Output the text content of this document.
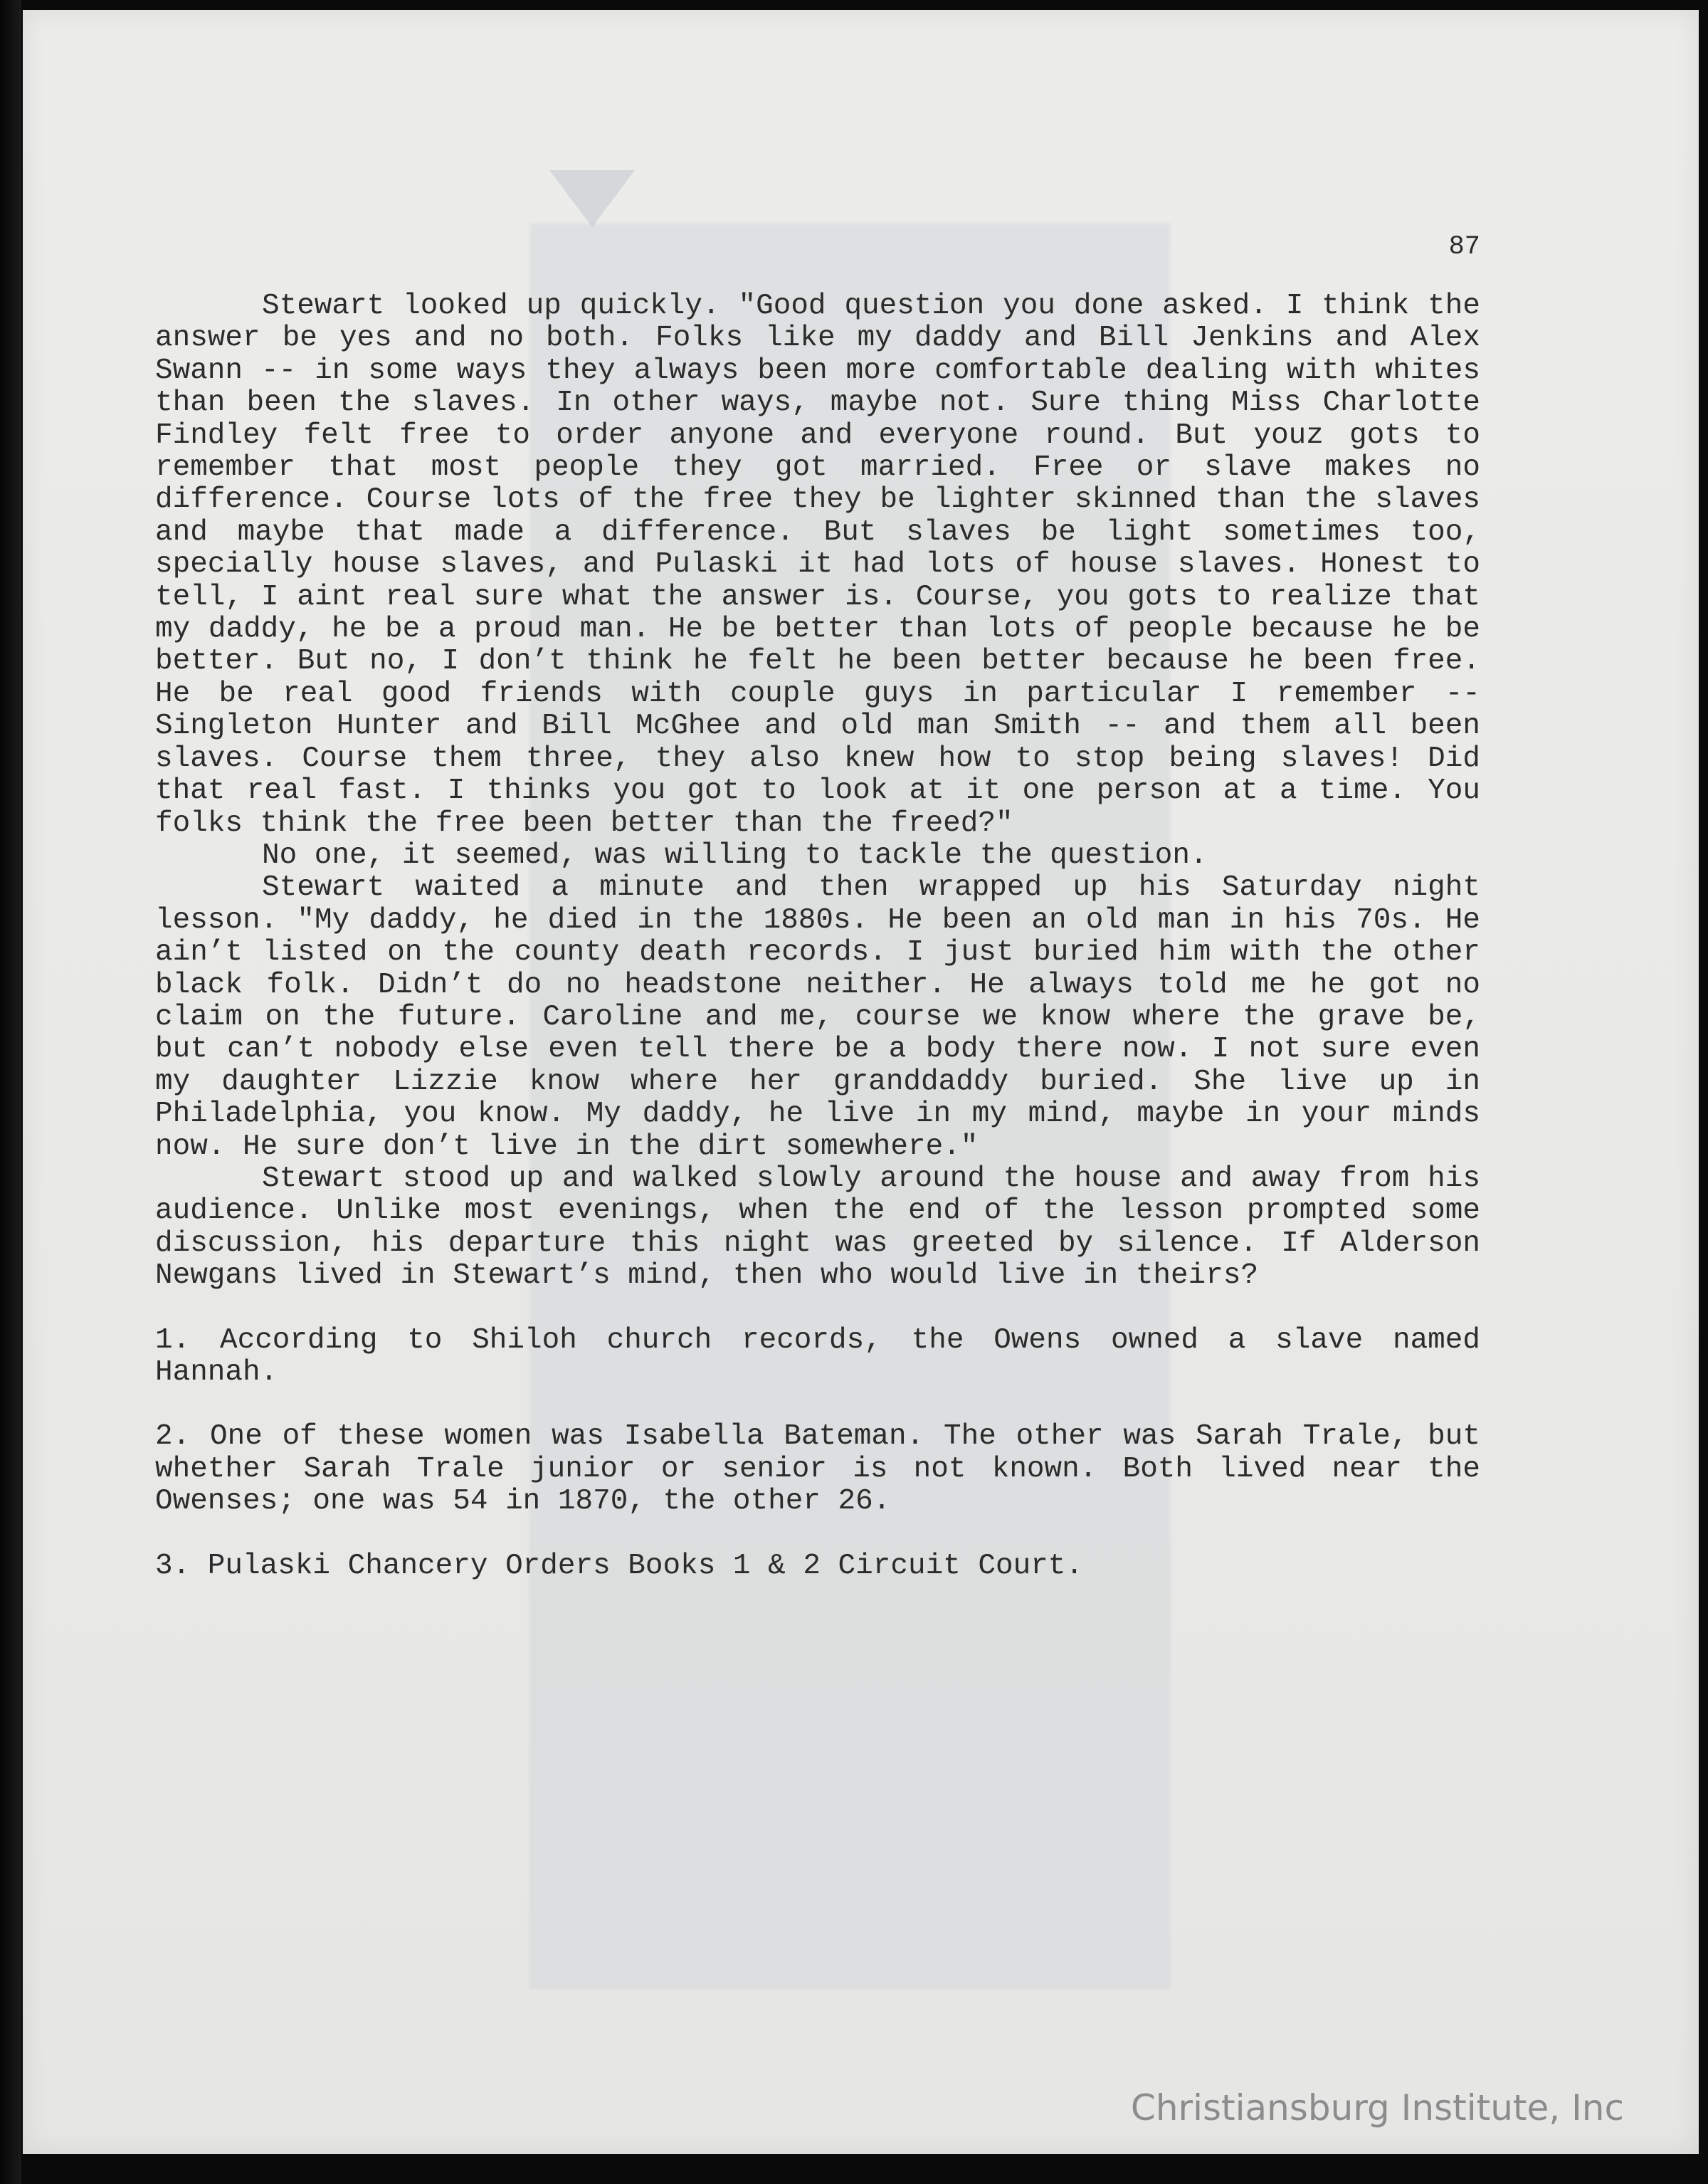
87

Stewart looked up quickly. "Good question you done asked. I think the answer be yes and no both. Folks like my daddy and Bill Jenkins and Alex Swann -- in some ways they always been more comfortable dealing with whites than been the slaves. In other ways, maybe not. Sure thing Miss Charlotte Findley felt free to order anyone and everyone round. But youz gots to remember that most people they got married. Free or slave makes no difference. Course lots of the free they be lighter skinned than the slaves and maybe that made a difference. But slaves be light sometimes too, specially house slaves, and Pulaski it had lots of house slaves. Honest to tell, I aint real sure what the answer is. Course, you gots to realize that my daddy, he be a proud man. He be better than lots of people because he be better. But no, I don’t think he felt he been better because he been free. He be real good friends with couple guys in particular I remember -- Singleton Hunter and Bill McGhee and old man Smith -- and them all been slaves. Course them three, they also knew how to stop being slaves! Did that real fast. I thinks you got to look at it one person at a time. You folks think the free been better than the freed?"

No one, it seemed, was willing to tackle the question.

Stewart waited a minute and then wrapped up his Saturday night lesson. "My daddy, he died in the 1880s. He been an old man in his 70s. He ain’t listed on the county death records. I just buried him with the other black folk. Didn’t do no headstone neither. He always told me he got no claim on the future. Caroline and me, course we know where the grave be, but can’t nobody else even tell there be a body there now. I not sure even my daughter Lizzie know where her granddaddy buried. She live up in Philadelphia, you know. My daddy, he live in my mind, maybe in your minds now. He sure don’t live in the dirt somewhere."

Stewart stood up and walked slowly around the house and away from his audience. Unlike most evenings, when the end of the lesson prompted some discussion, his departure this night was greeted by silence. If Alderson Newgans lived in Stewart’s mind, then who would live in theirs?

1. According to Shiloh church records, the Owens owned a slave named Hannah.

2. One of these women was Isabella Bateman. The other was Sarah Trale, but whether Sarah Trale junior or senior is not known. Both lived near the Owenses; one was 54 in 1870, the other 26.

3. Pulaski Chancery Orders Books 1 & 2 Circuit Court.

Christiansburg Institute, Inc
